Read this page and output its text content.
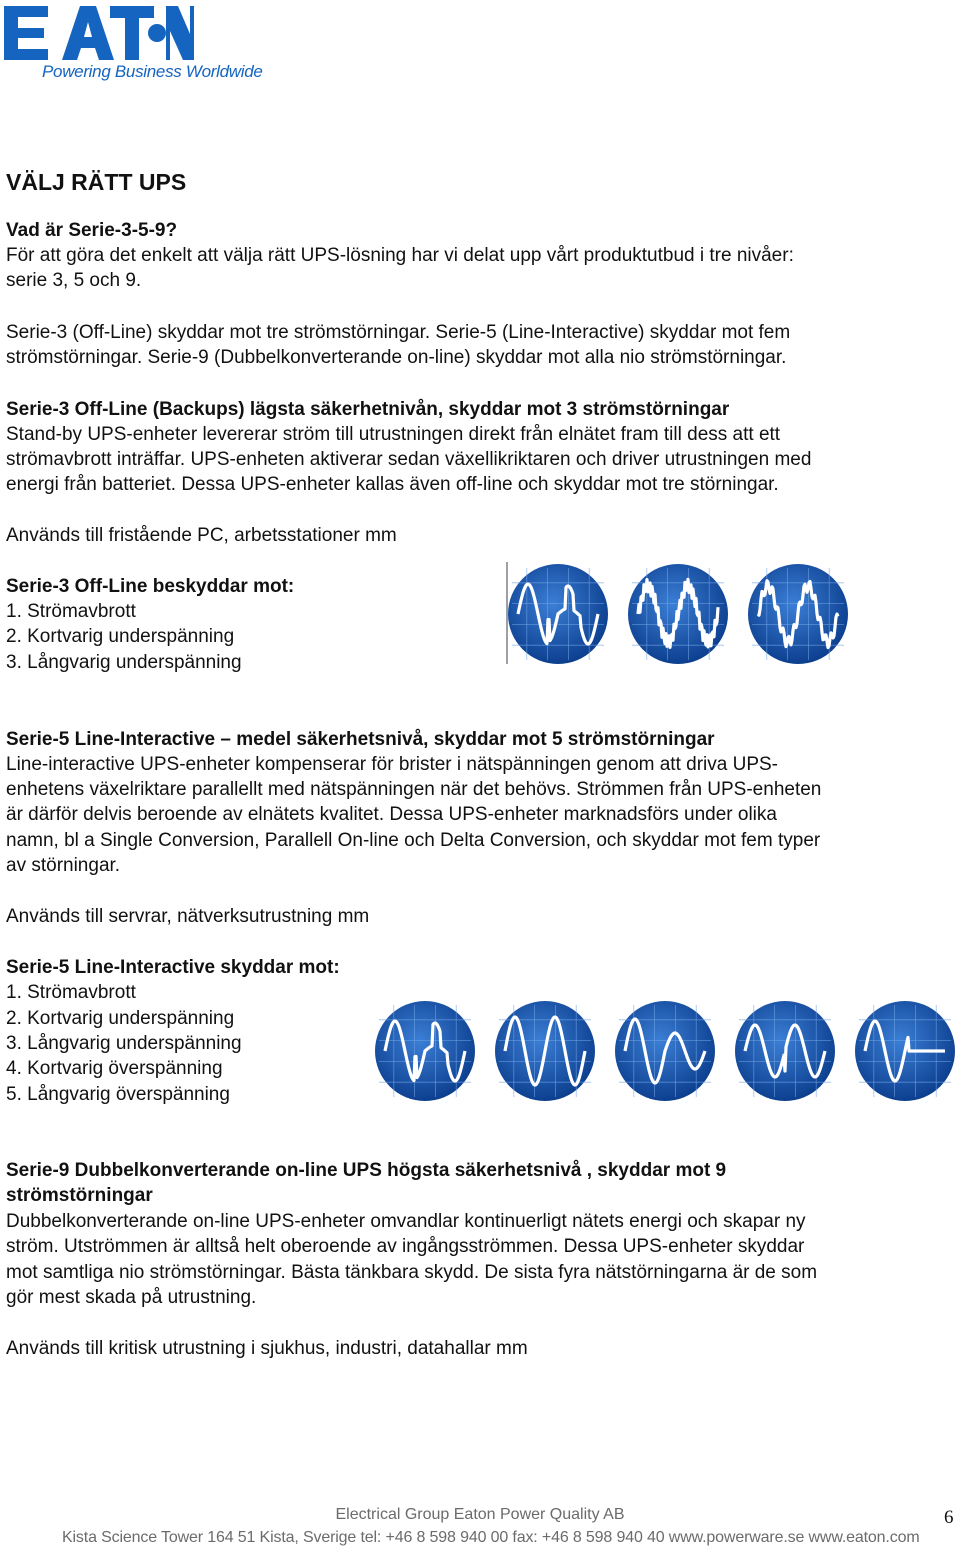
Powering Business Worldwide
VÄLJ RÄTT UPS
Vad är Serie-3-5-9?
För att göra det enkelt att välja rätt UPS-lösning har vi delat upp vårt produktutbud i tre nivåer:
serie 3, 5 och 9.
Serie-3 (Off-Line) skyddar mot tre strömstörningar. Serie-5 (Line-Interactive) skyddar mot fem
strömstörningar. Serie-9 (Dubbelkonverterande on-line) skyddar mot alla nio strömstörningar.
Serie-3 Off-Line (Backups) lägsta säkerhetnivån, skyddar mot 3 strömstörningar
Stand-by UPS-enheter levererar ström till utrustningen direkt från elnätet fram till dess att ett
strömavbrott inträffar. UPS-enheten aktiverar sedan växellikriktaren och driver utrustningen med
energi från batteriet. Dessa UPS-enheter kallas även off-line och skyddar mot tre störningar.
Används till fristående PC, arbetsstationer mm
Serie-3 Off-Line beskyddar mot:
1. Strömavbrott
2. Kortvarig underspänning
3. Långvarig underspänning
Serie-5 Line-Interactive – medel säkerhetsnivå, skyddar mot 5 strömstörningar
Line-interactive UPS-enheter kompenserar för brister i nätspänningen genom att driva UPS-
enhetens växelriktare parallellt med nätspänningen när det behövs. Strömmen från UPS-enheten
är därför delvis beroende av elnätets kvalitet. Dessa UPS-enheter marknadsförs under olika
namn, bl a Single Conversion, Parallell On-line och Delta Conversion, och skyddar mot fem typer
av störningar.
Används till servrar, nätverksutrustning mm
Serie-5 Line-Interactive skyddar mot:
1. Strömavbrott
2. Kortvarig underspänning
3. Långvarig underspänning
4. Kortvarig överspänning
5. Långvarig överspänning
Serie-9 Dubbelkonverterande on-line UPS högsta säkerhetsnivå , skyddar mot 9
strömstörningar
Dubbelkonverterande on-line UPS-enheter omvandlar kontinuerligt nätets energi och skapar ny
ström. Utströmmen är alltså helt oberoende av ingångsströmmen. Dessa UPS-enheter skyddar
mot samtliga nio strömstörningar. Bästa tänkbara skydd. De sista fyra nätstörningarna är de som
gör mest skada på utrustning.
Används till kritisk utrustning i sjukhus, industri, datahallar mm
Electrical Group Eaton Power Quality AB
Kista Science Tower 164 51 Kista, Sverige tel: +46 8 598 940 00 fax: +46 8 598 940 40 www.powerware.se www.eaton.com
6
